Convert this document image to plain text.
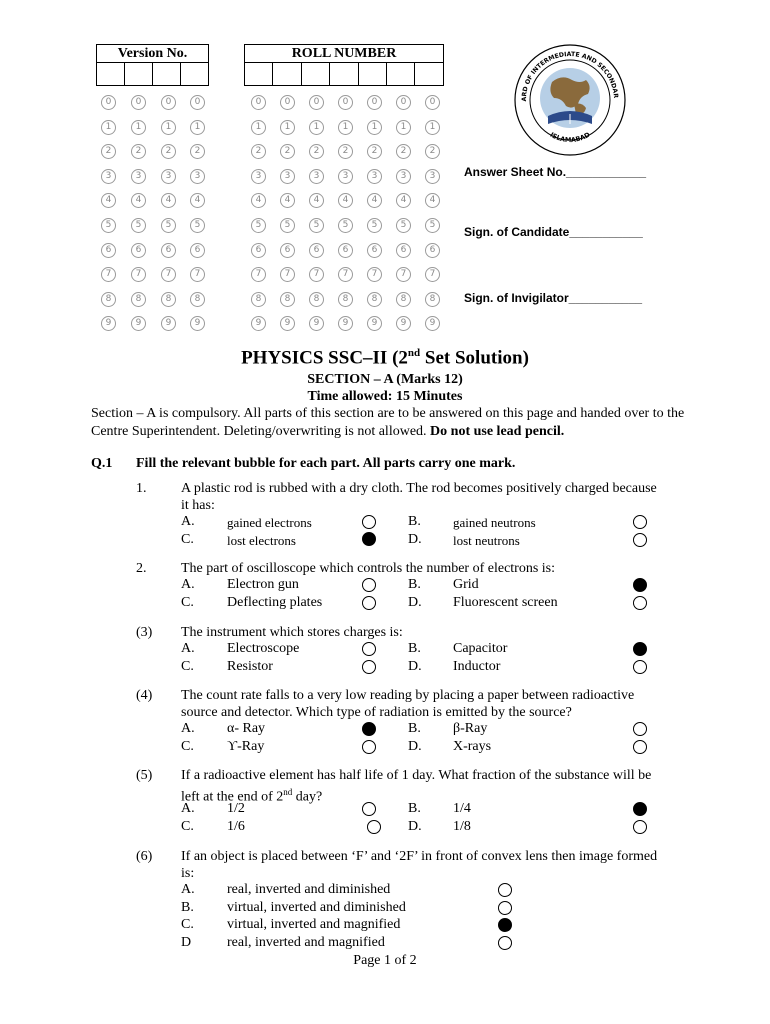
Version No.
				ROLL NUMBER

0	0	0	0
1	1	1	1
2	2	2	2
3	3	3	3
4	4	4	4
5	5	5	5
6	6	6	6
7	7	7	7
8	8	8	8
9	9	9	9
0	0	0	0	0	0	0
1	1	1	1	1	1	1
2	2	2	2	2	2	2
3	3	3	3	3	3	3
4	4	4	4	4	4	4
5	5	5	5	5	5	5
6	6	6	6	6	6	6
7	7	7	7	7	7	7
8	8	8	8	8	8	8
9	9	9	9	9	9	9
ARD OF INTERMEDIATE AND SECONDAR
ISLAMABAD
Answer Sheet No.____________
Sign. of Candidate___________
Sign. of Invigilator___________
PHYSICS SSC–II (2nd Set Solution)
SECTION – A (Marks 12)
Time allowed: 15 Minutes
Section – A is compulsory. All parts of this section are to be answered on this page and handed over to the Centre Superintendent. Deleting/overwriting is not allowed. Do not use lead pencil.
Q.1 Fill the relevant bubble for each part. All parts carry one mark.
1. A plastic rod is rubbed with a dry cloth. The rod becomes positively charged because it has:
A. gained electrons	B. gained neutrons
C.	lost electrons	D. lost neutrons
2. The part of oscilloscope which controls the number of electrons is:
A. Electron gun	B. Grid
C. Deflecting plates	D. Fluorescent screen
(3) The instrument which stores charges is:
A. Electroscope	B. Capacitor
C. Resistor	D. Inductor
(4) The count rate falls to a very low reading by placing a paper between radioactive source and detector. Which type of radiation is emitted by the source?
A. α- Ray	B. β-Ray
C. ϒ-Ray	D. X-rays
(5) If a radioactive element has half life of 1 day. What fraction of the substance will be left at the end of 2nd day?
A. 1/2	B. 1/4
C. 1/6	D. 1/8
(6) If an object is placed between ‘F’ and ‘2F’ in front of convex lens then image formed is:
A. real, inverted and diminished
B. virtual, inverted and diminished
C. virtual, inverted and magnified
D	real, inverted and magnified
Page 1 of 2
